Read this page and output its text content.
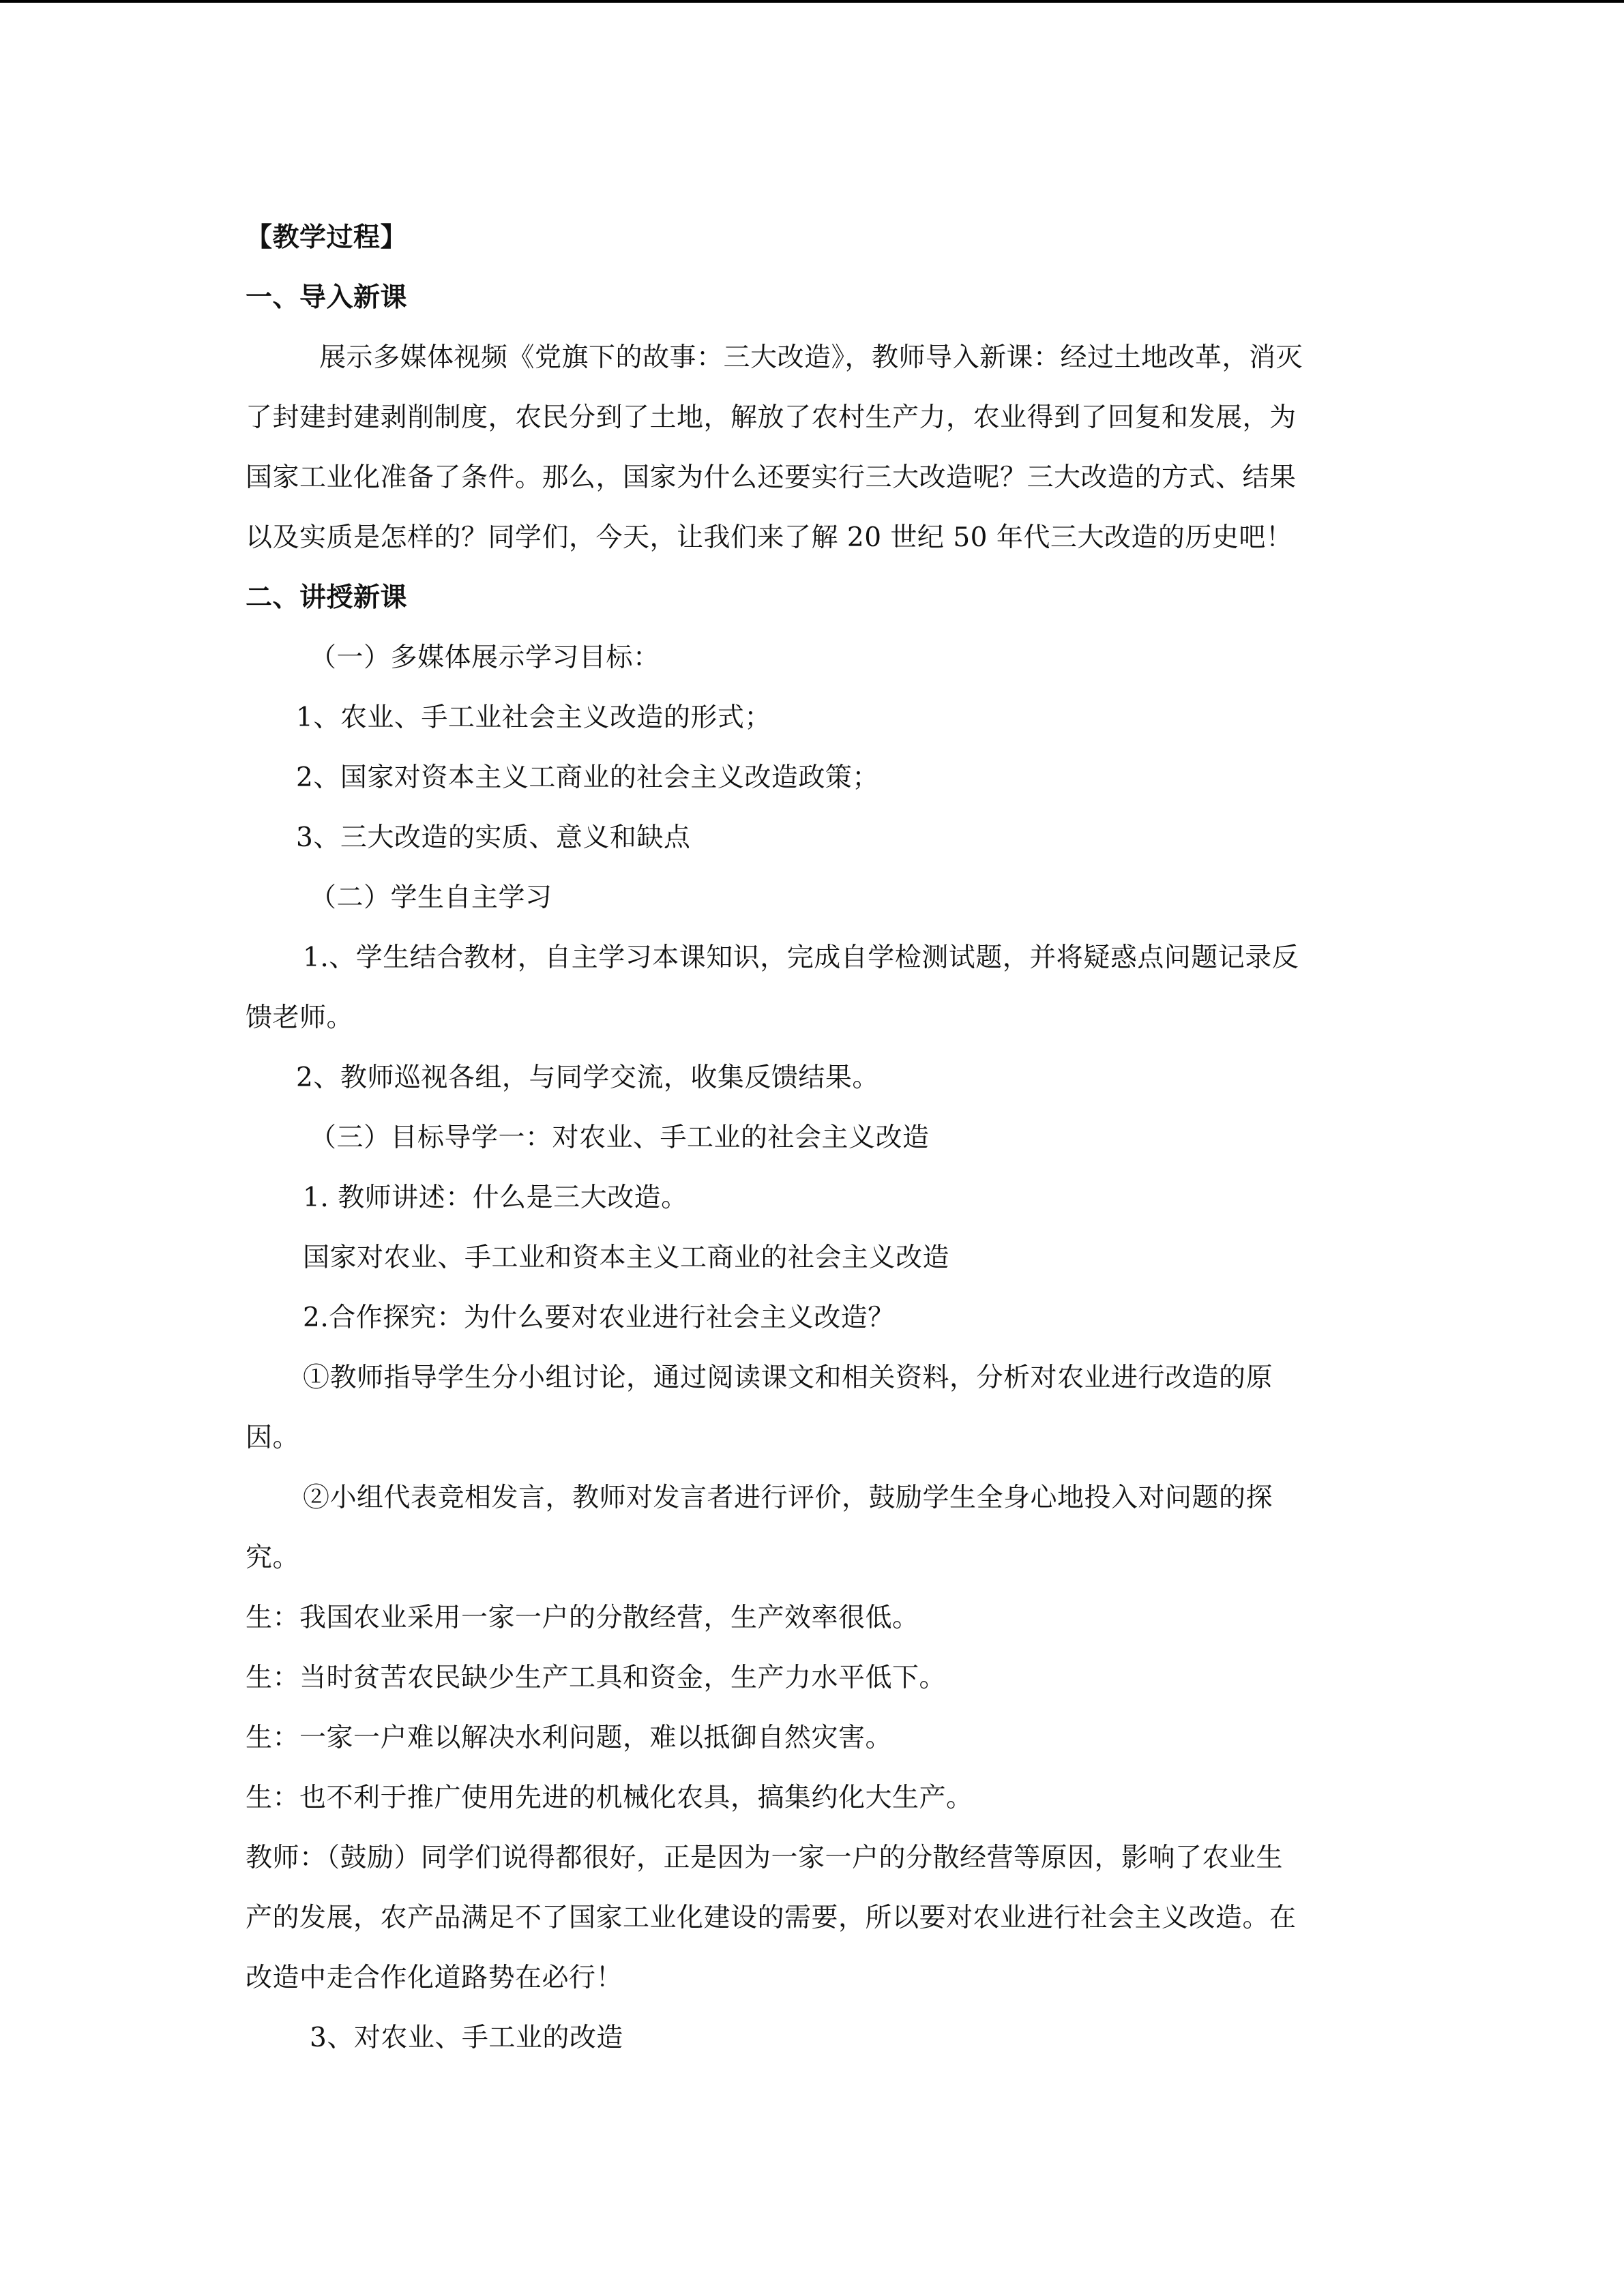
【教学过程】
一、导入新课
展示多媒体视频《党旗下的故事：三大改造》，教师导入新课：经过土地改革，消灭
了封建封建剥削制度，农民分到了土地，解放了农村生产力，农业得到了回复和发展，为
国家工业化准备了条件。那么，国家为什么还要实行三大改造呢？三大改造的方式、结果
以及实质是怎样的？同学们，今天，让我们来了解 20 世纪 50 年代三大改造的历史吧！
二、讲授新课
（一）多媒体展示学习目标：
1、农业、手工业社会主义改造的形式；
2、国家对资本主义工商业的社会主义改造政策；
3、三大改造的实质、意义和缺点
（二）学生自主学习
1.、学生结合教材，自主学习本课知识，完成自学检测试题，并将疑惑点问题记录反
馈老师。
2、教师巡视各组，与同学交流，收集反馈结果。
（三）目标导学一：对农业、手工业的社会主义改造
1. 教师讲述：什么是三大改造。
国家对农业、手工业和资本主义工商业的社会主义改造
2.合作探究：为什么要对农业进行社会主义改造？
①教师指导学生分小组讨论，通过阅读课文和相关资料，分析对农业进行改造的原
因。
②小组代表竞相发言，教师对发言者进行评价，鼓励学生全身心地投入对问题的探
究。
生：我国农业采用一家一户的分散经营，生产效率很低。
生：当时贫苦农民缺少生产工具和资金，生产力水平低下。
生：一家一户难以解决水利问题，难以抵御自然灾害。
生：也不利于推广使用先进的机械化农具，搞集约化大生产。
教师：（鼓励）同学们说得都很好，正是因为一家一户的分散经营等原因，影响了农业生
产的发展，农产品满足不了国家工业化建设的需要，所以要对农业进行社会主义改造。在
改造中走合作化道路势在必行！
3、对农业、手工业的改造
